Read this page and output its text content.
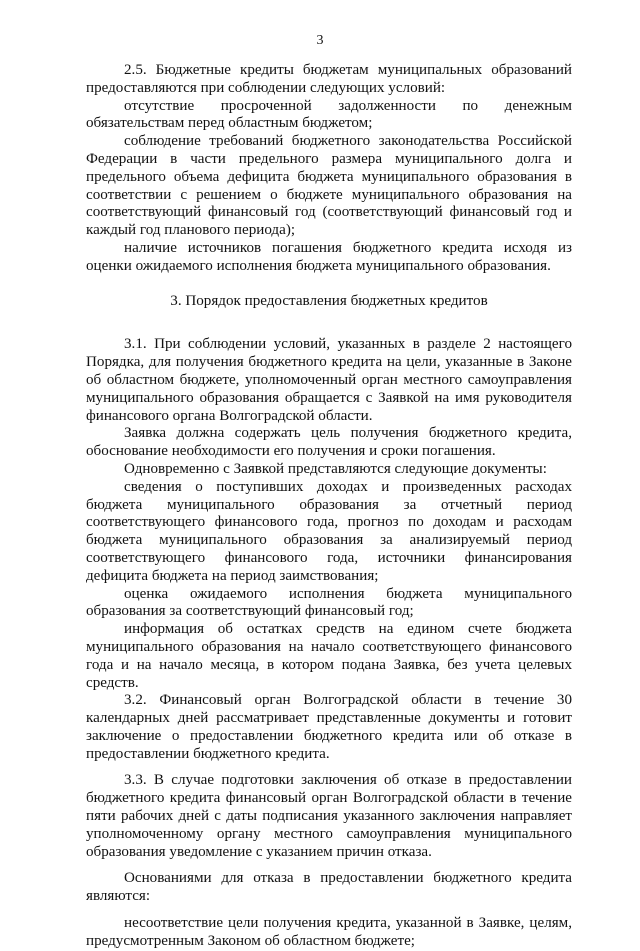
3

2.5. Бюджетные кредиты бюджетам муниципальных образований предоставляются при соблюдении следующих условий:

отсутствие просроченной задолженности по денежным обязательствам перед областным бюджетом;

соблюдение требований бюджетного законодательства Российской Федерации в части предельного размера муниципального долга и предельного объема дефицита бюджета муниципального образования в соответствии с решением о бюджете муниципального образования на соответствующий финансовый год (соответствующий финансовый год и каждый год планового периода);

наличие источников погашения бюджетного кредита исходя из оценки ожидаемого исполнения бюджета муниципального образования.

3. Порядок предоставления бюджетных кредитов

3.1. При соблюдении условий, указанных в разделе 2 настоящего Порядка, для получения бюджетного кредита на цели, указанные в Законе об областном бюджете, уполномоченный орган местного самоуправления муниципального образования обращается с Заявкой на имя руководителя финансового органа Волгоградской области.

Заявка должна содержать цель получения бюджетного кредита, обоснование необходимости его получения и сроки погашения.

Одновременно с Заявкой представляются следующие документы:

сведения о поступивших доходах и произведенных расходах бюджета муниципального образования за отчетный период соответствующего финансового года, прогноз по доходам и расходам бюджета муниципального образования за анализируемый период соответствующего финансового года, источники финансирования дефицита бюджета на период заимствования;

оценка ожидаемого исполнения бюджета муниципального образования за соответствующий финансовый год;

информация об остатках средств на едином счете бюджета муниципального образования на начало соответствующего финансового года и на начало месяца, в котором подана Заявка, без учета целевых средств.

3.2. Финансовый орган Волгоградской области в течение 30 календарных дней рассматривает представленные документы и готовит заключение о предоставлении бюджетного кредита или об отказе в предоставлении бюджетного кредита.

3.3. В случае подготовки заключения об отказе в предоставлении бюджетного кредита финансовый орган Волгоградской области в течение пяти рабочих дней с даты подписания указанного заключения направляет уполномоченному органу местного самоуправления муниципального образования уведомление с указанием причин отказа.

Основаниями для отказа в предоставлении бюджетного кредита являются:

несоответствие цели получения кредита, указанной в Заявке, целям, предусмотренным Законом об областном бюджете;
